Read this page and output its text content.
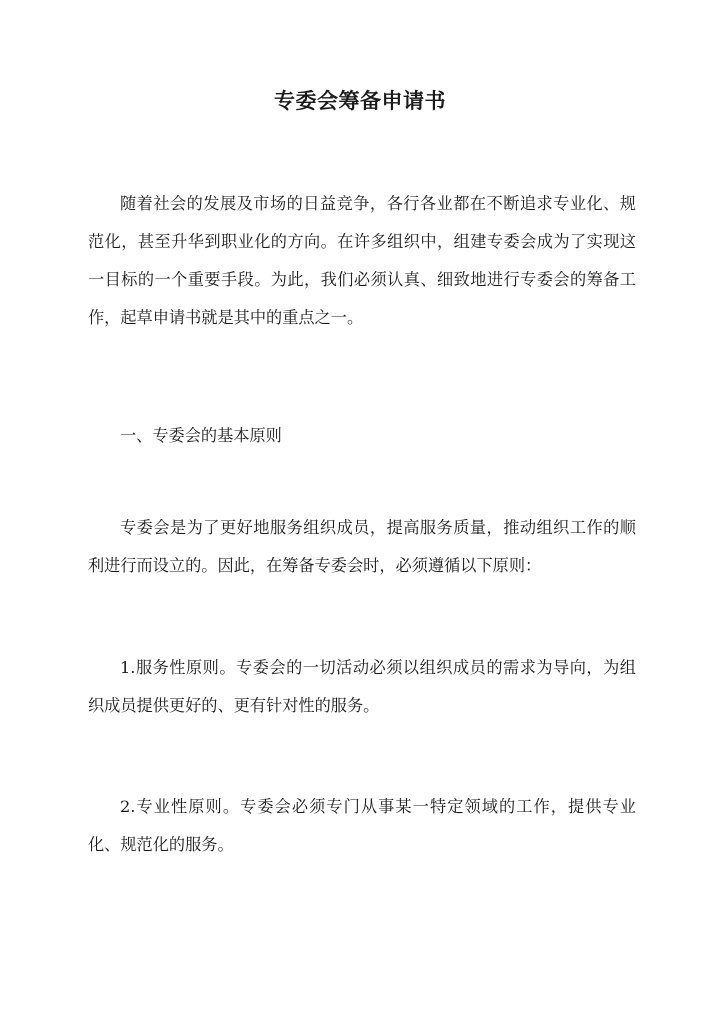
专委会筹备申请书

随着社会的发展及市场的日益竞争，各行各业都在不断追求专业化、规范化，甚至升华到职业化的方向。在许多组织中，组建专委会成为了实现这一目标的一个重要手段。为此，我们必须认真、细致地进行专委会的筹备工作，起草申请书就是其中的重点之一。

一、专委会的基本原则

专委会是为了更好地服务组织成员，提高服务质量，推动组织工作的顺利进行而设立的。因此，在筹备专委会时，必须遵循以下原则：

1.服务性原则。专委会的一切活动必须以组织成员的需求为导向，为组织成员提供更好的、更有针对性的服务。

2.专业性原则。专委会必须专门从事某一特定领域的工作，提供专业化、规范化的服务。
